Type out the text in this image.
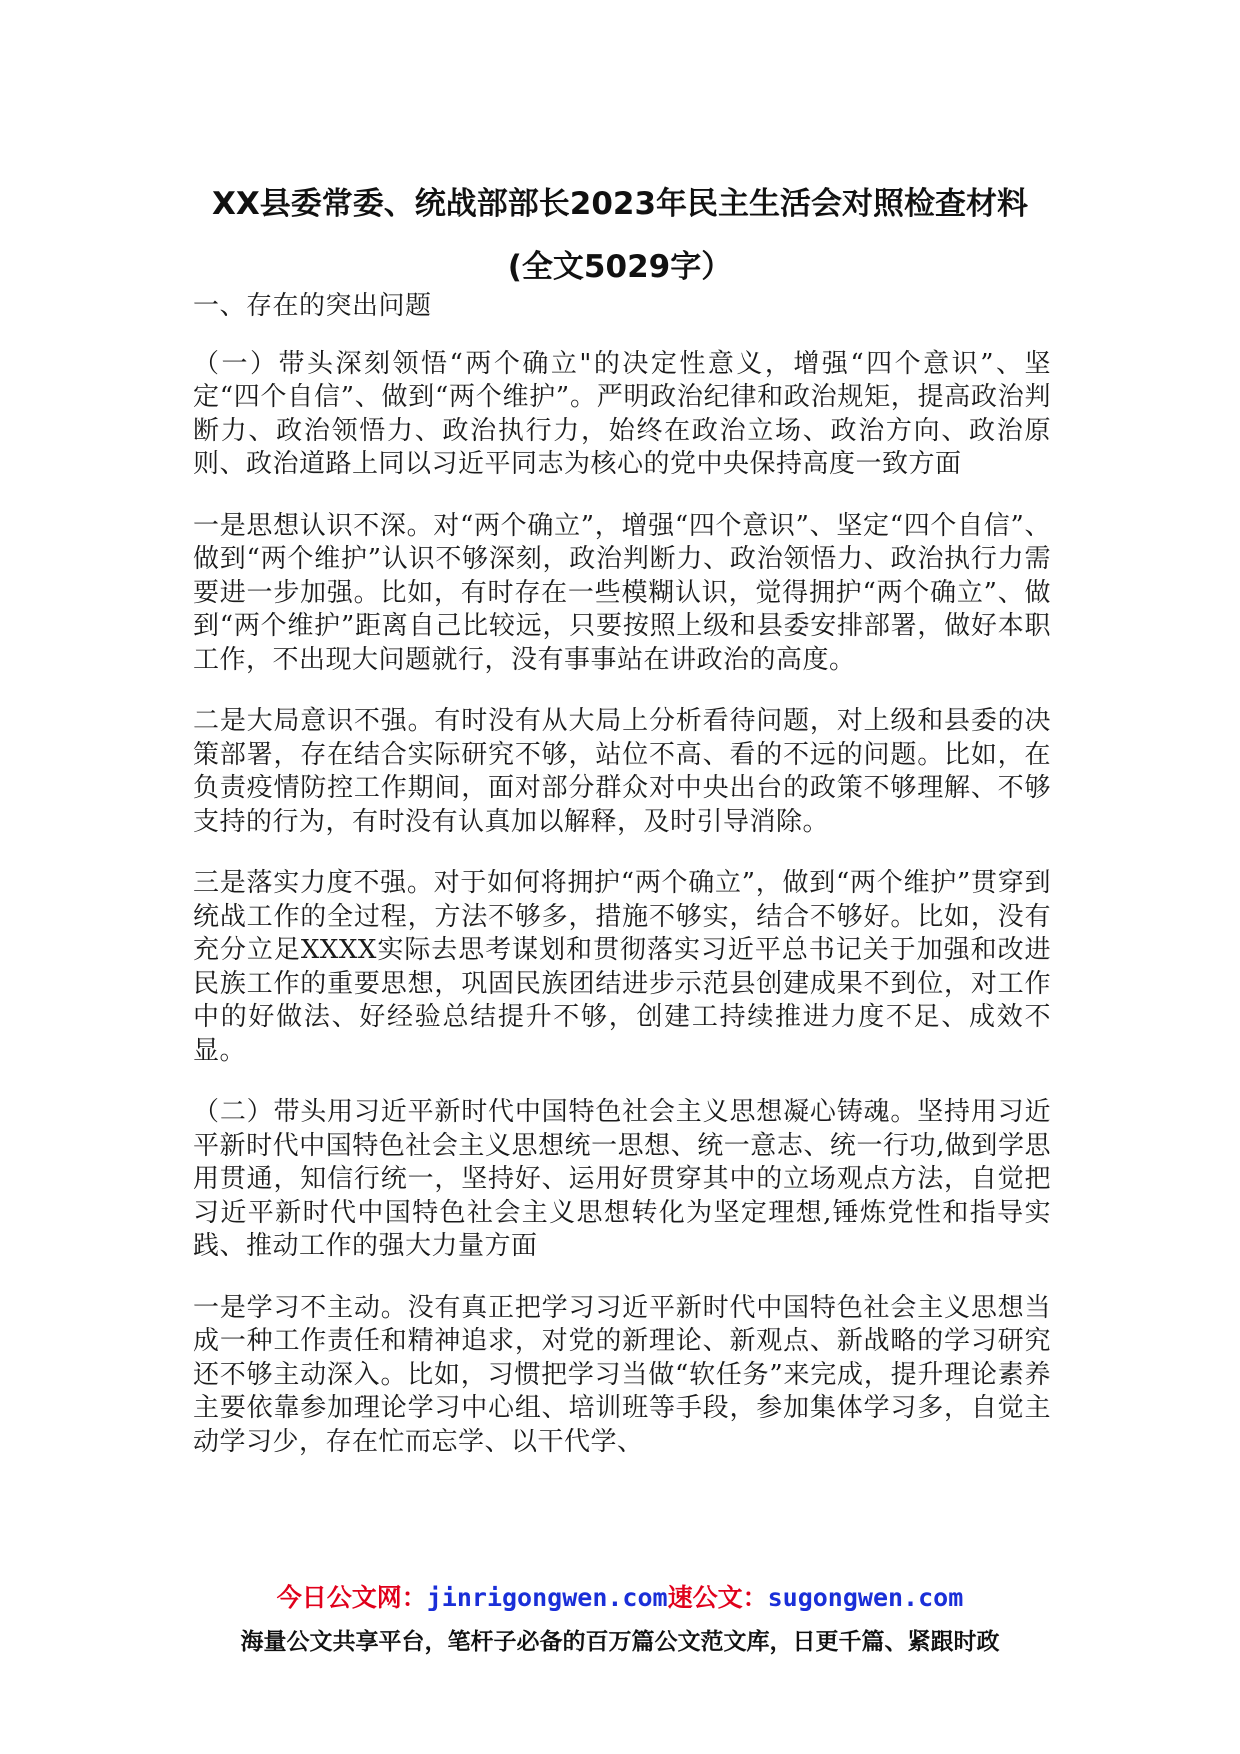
XX县委常委、统战部部长2023年民主生活会对照检查材料
(全文5029字）

一、存在的突出问题

（一）带头深刻领悟“两个确立"的决定性意义，增强“四个意识”、坚定“四个自信”、做到“两个维护”。严明政治纪律和政治规矩，提高政治判断力、政治领悟力、政治执行力，始终在政治立场、政治方向、政治原则、政治道路上同以习近平同志为核心的党中央保持高度一致方面

一是思想认识不深。对“两个确立”，增强“四个意识”、坚定“四个自信”、做到“两个维护”认识不够深刻，政治判断力、政治领悟力、政治执行力需要进一步加强。比如，有时存在一些模糊认识，觉得拥护“两个确立”、做到“两个维护”距离自己比较远，只要按照上级和县委安排部署，做好本职工作，不出现大问题就行，没有事事站在讲政治的高度。

二是大局意识不强。有时没有从大局上分析看待问题，对上级和县委的决策部署，存在结合实际研究不够，站位不高、看的不远的问题。比如，在负责疫情防控工作期间，面对部分群众对中央出台的政策不够理解、不够支持的行为，有时没有认真加以解释，及时引导消除。

三是落实力度不强。对于如何将拥护“两个确立”，做到“两个维护”贯穿到统战工作的全过程，方法不够多，措施不够实，结合不够好。比如，没有充分立足XXXX实际去思考谋划和贯彻落实习近平总书记关于加强和改进民族工作的重要思想，巩固民族团结进步示范县创建成果不到位，对工作中的好做法、好经验总结提升不够，创建工持续推进力度不足、成效不显。

（二）带头用习近平新时代中国特色社会主义思想凝心铸魂。坚持用习近平新时代中国特色社会主义思想统一思想、统一意志、统一行功,做到学思用贯通，知信行统一，坚持好、运用好贯穿其中的立场观点方法，自觉把习近平新时代中国特色社会主义思想转化为坚定理想,锤炼党性和指导实践、推动工作的强大力量方面

一是学习不主动。没有真正把学习习近平新时代中国特色社会主义思想当成一种工作责任和精神追求，对党的新理论、新观点、新战略的学习研究还不够主动深入。比如，习惯把学习当做“软任务”来完成，提升理论素养主要依靠参加理论学习中心组、培训班等手段，参加集体学习多，自觉主动学习少，存在忙而忘学、以干代学、

今日公文网：jinrigongwen.com速公文：sugongwen.com
海量公文共享平台，笔杆子必备的百万篇公文范文库，日更千篇、紧跟时政
